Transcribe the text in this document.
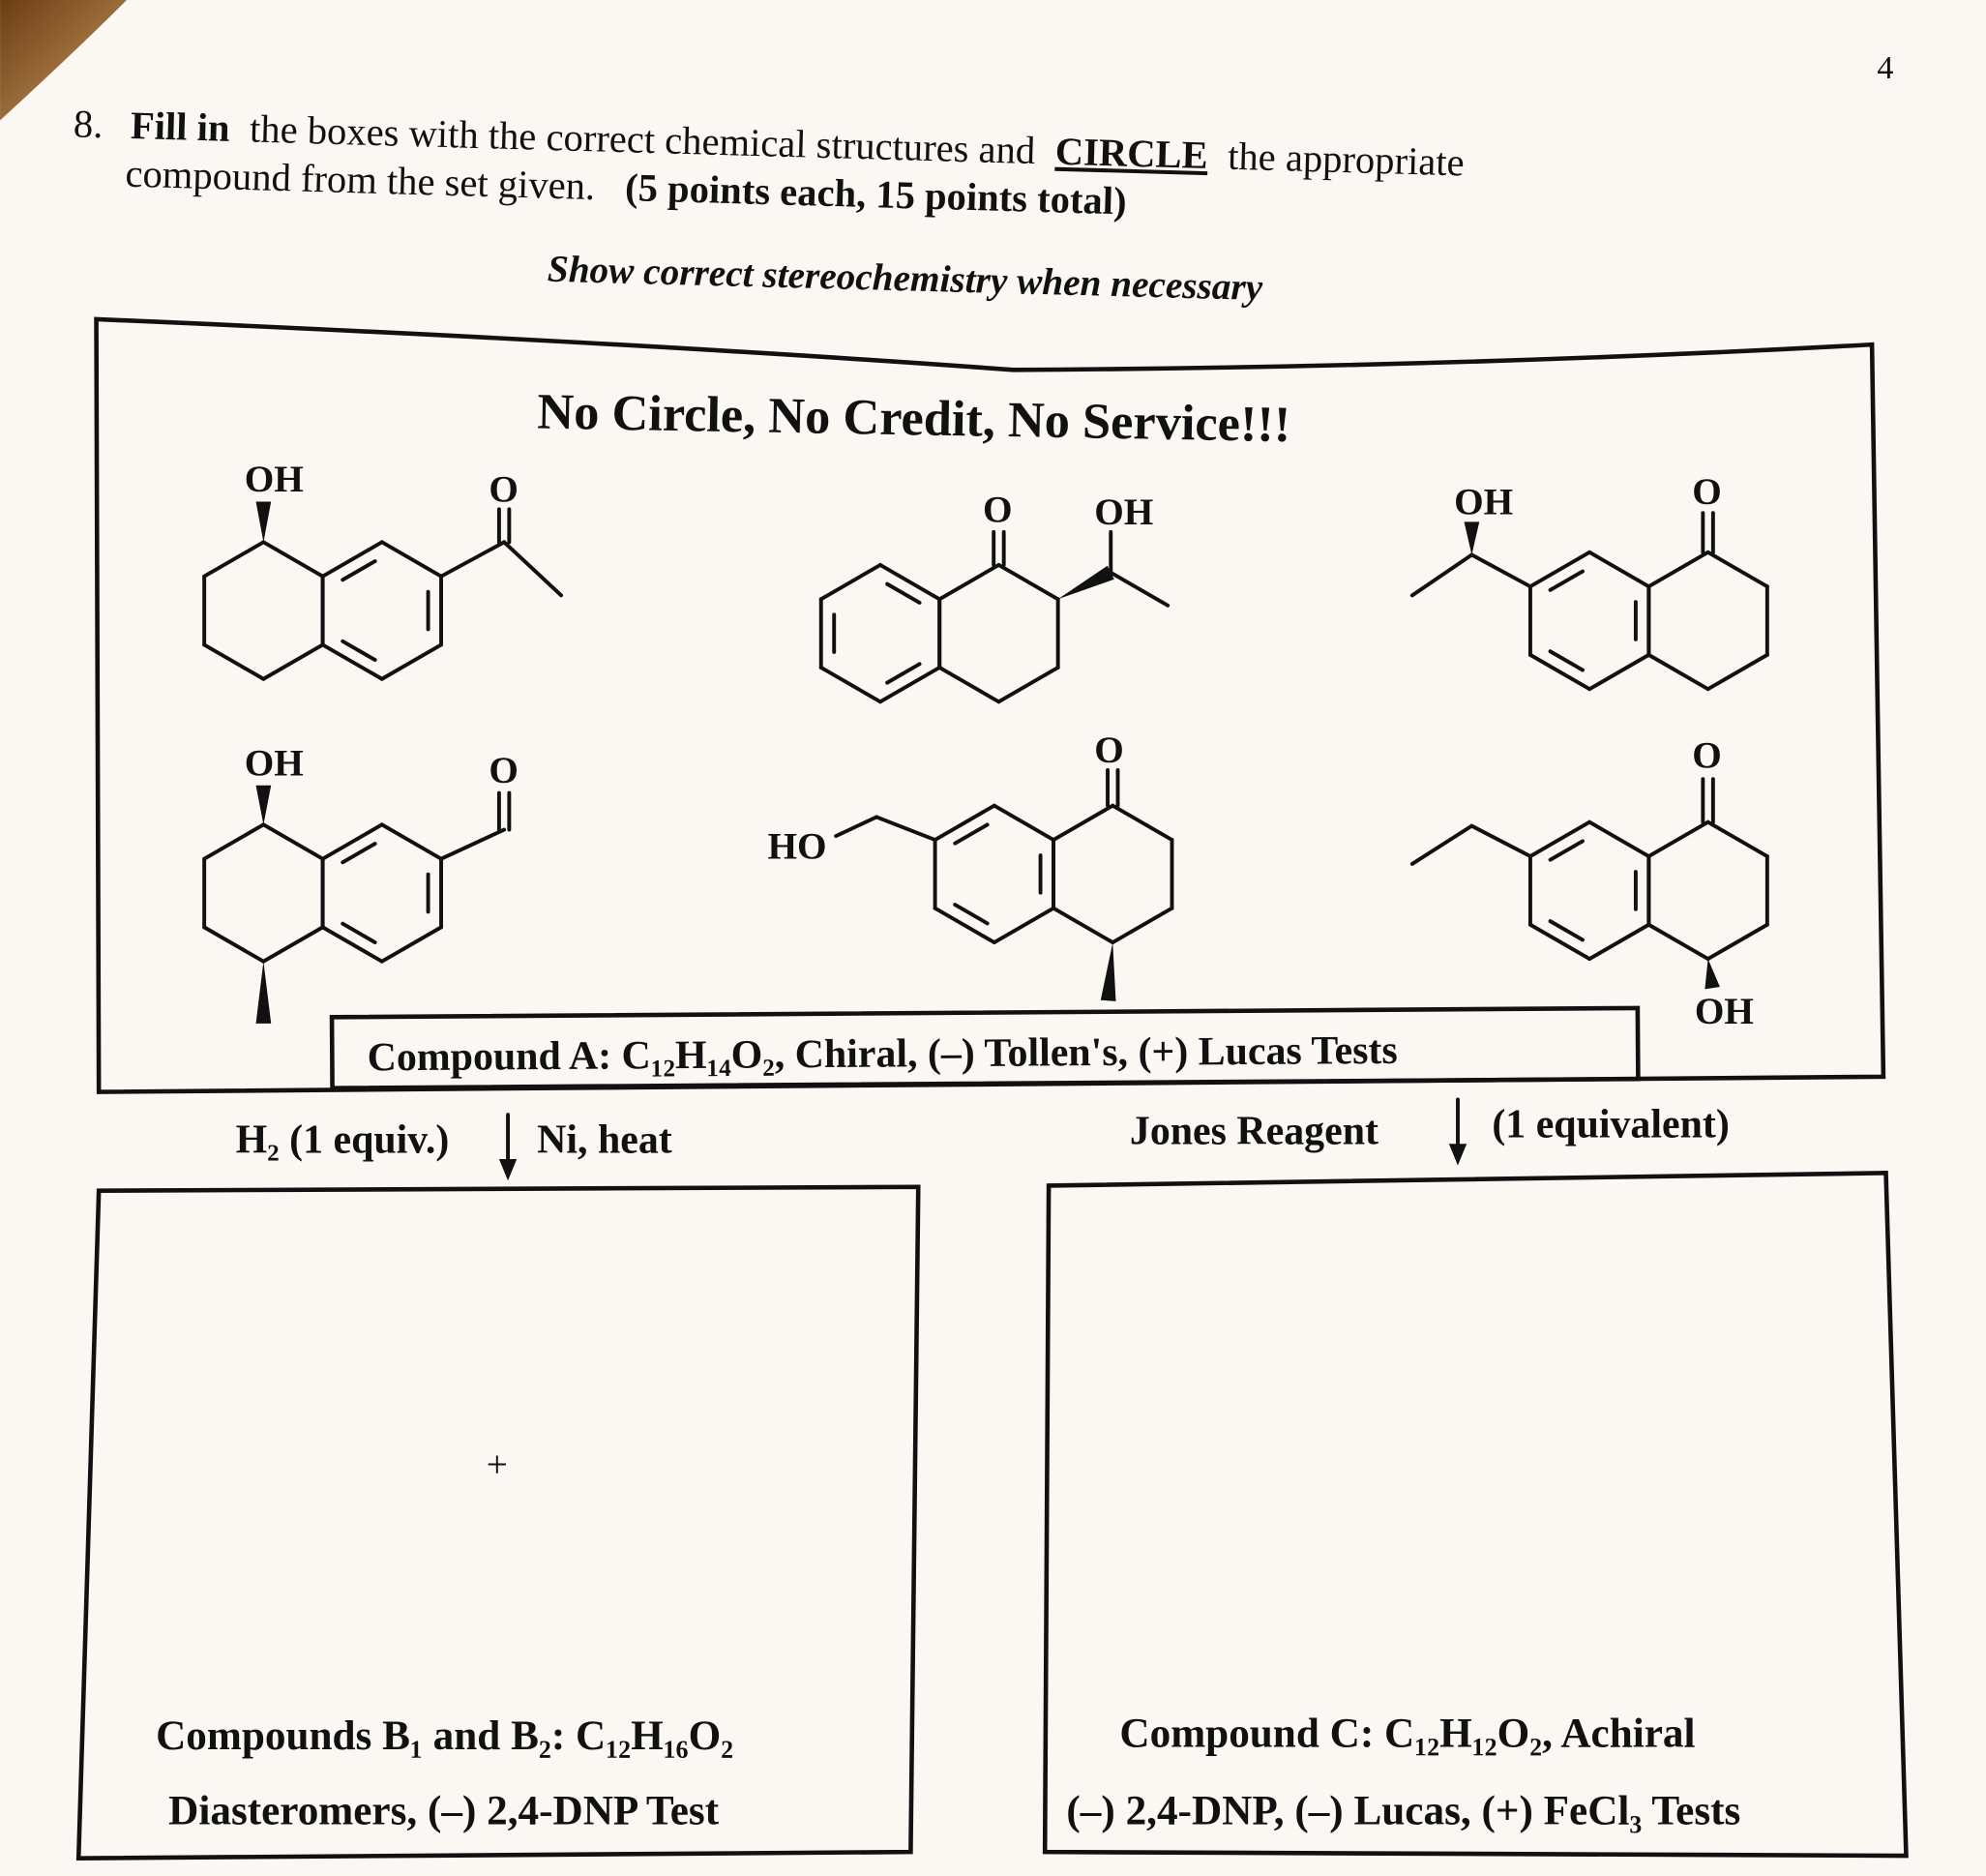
4
8. Fill in the boxes with the correct chemical structures and CIRCLE the appropriate
compound from the set given. (5 points each, 15 points total)
Show correct stereochemistry when necessary
No Circle, No Credit, No Service!!!
OH	O	O	OH	O
OH
OH	O	O
HO
O
OH
Compound A: C₁₂H₁₄O₂, Chiral, (–) Tollen's, (+) Lucas Tests
H₂ (1 equiv.)	Ni, heat	Jones Reagent	(1 equivalent)
+
Compounds B₁ and B₂: C₁₂H₁₆O₂
Diasteromers, (–) 2,4-DNP Test
Compound C: C₁₂H₁₂O₂, Achiral
(–) 2,4-DNP, (–) Lucas, (+) FeCl₃ Tests
